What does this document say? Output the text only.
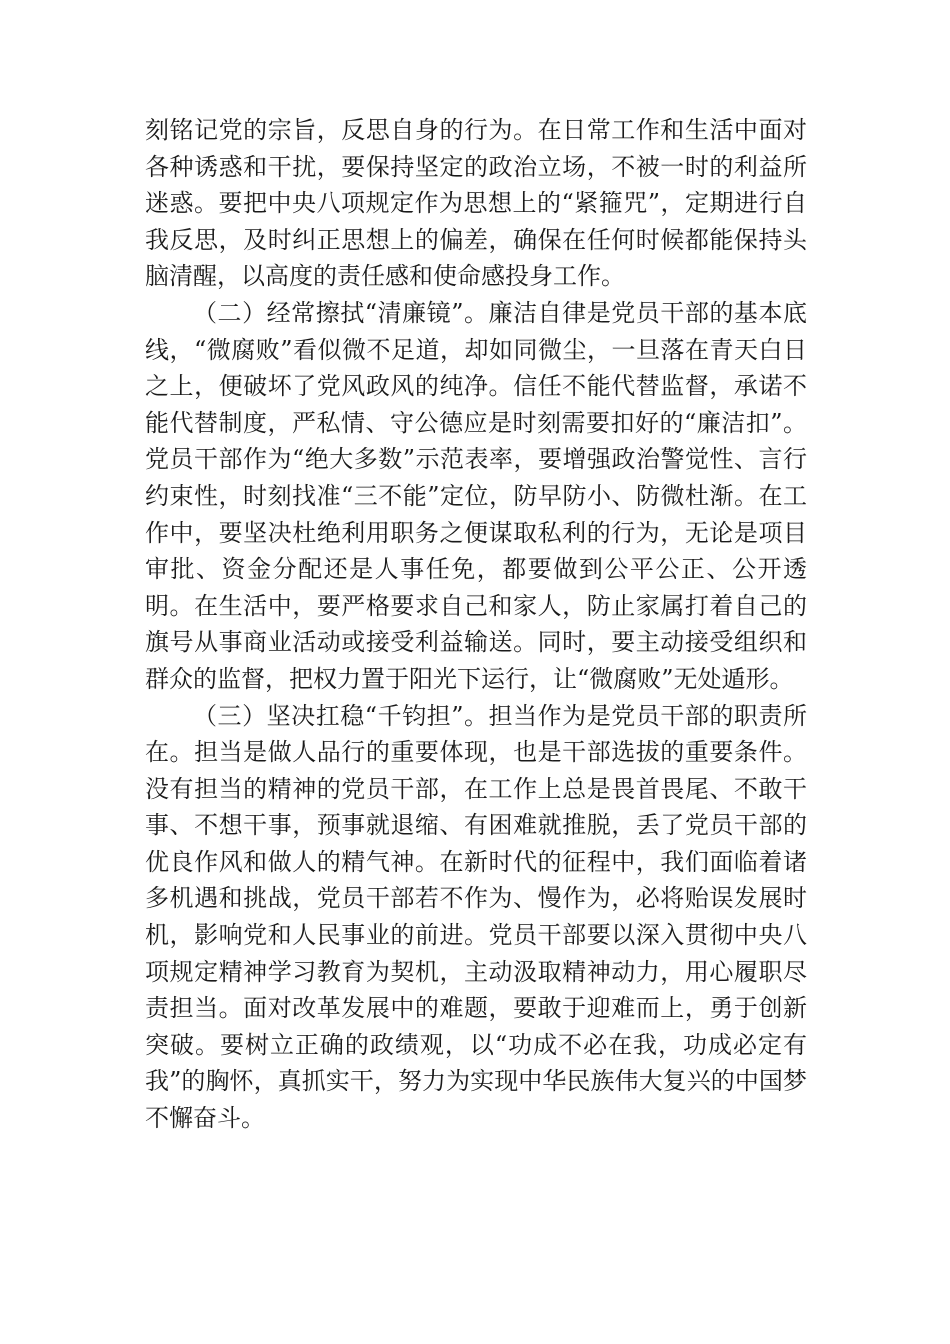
刻铭记党的宗旨，反思自身的行为。在日常工作和生活中面对各种诱惑和干扰，要保持坚定的政治立场，不被一时的利益所迷惑。要把中央八项规定作为思想上的“紧箍咒”，定期进行自我反思，及时纠正思想上的偏差，确保在任何时候都能保持头脑清醒，以高度的责任感和使命感投身工作。

（二）经常擦拭“清廉镜”。廉洁自律是党员干部的基本底线，“微腐败”看似微不足道，却如同微尘，一旦落在青天白日之上，便破坏了党风政风的纯净。信任不能代替监督，承诺不能代替制度，严私情、守公德应是时刻需要扣好的“廉洁扣”。党员干部作为“绝大多数”示范表率，要增强政治警觉性、言行约束性，时刻找准“三不能”定位，防早防小、防微杜渐。在工作中，要坚决杜绝利用职务之便谋取私利的行为，无论是项目审批、资金分配还是人事任免，都要做到公平公正、公开透明。在生活中，要严格要求自己和家人，防止家属打着自己的旗号从事商业活动或接受利益输送。同时，要主动接受组织和群众的监督，把权力置于阳光下运行，让“微腐败”无处遁形。

（三）坚决扛稳“千钧担”。担当作为是党员干部的职责所在。担当是做人品行的重要体现，也是干部选拔的重要条件。没有担当的精神的党员干部，在工作上总是畏首畏尾、不敢干事、不想干事，预事就退缩、有困难就推脱，丢了党员干部的优良作风和做人的精气神。在新时代的征程中，我们面临着诸多机遇和挑战，党员干部若不作为、慢作为，必将贻误发展时机，影响党和人民事业的前进。党员干部要以深入贯彻中央八项规定精神学习教育为契机，主动汲取精神动力，用心履职尽责担当。面对改革发展中的难题，要敢于迎难而上，勇于创新突破。要树立正确的政绩观，以“功成不必在我，功成必定有我”的胸怀，真抓实干，努力为实现中华民族伟大复兴的中国梦不懈奋斗。
